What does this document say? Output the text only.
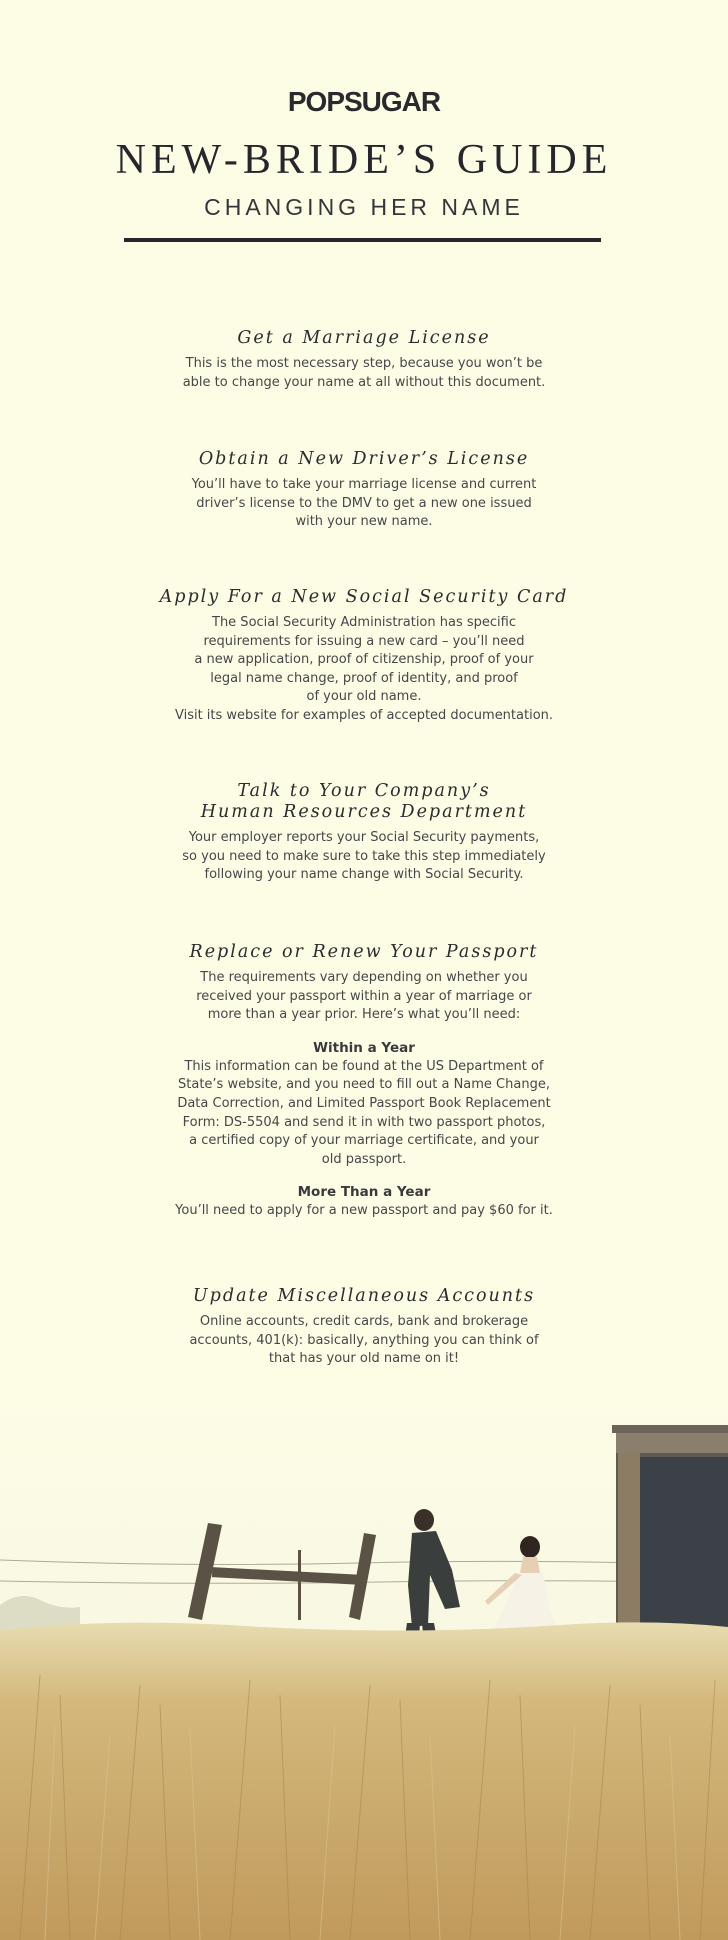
POPSUGAR
NEW-BRIDE’S GUIDE
CHANGING HER NAME
Get a Marriage License

This is the most necessary step, because you won’t be
able to change your name at all without this document.

Obtain a New Driver’s License

You’ll have to take your marriage license and current
driver’s license to the DMV to get a new one issued
with your new name.

Apply For a New Social Security Card

The Social Security Administration has specific
requirements for issuing a new card – you’ll need
a new application, proof of citizenship, proof of your
legal name change, proof of identity, and proof
of your old name.
Visit its website for examples of accepted documentation.

Talk to Your Company’s
Human Resources Department

Your employer reports your Social Security payments,
so you need to make sure to take this step immediately
following your name change with Social Security.

Replace or Renew Your Passport

The requirements vary depending on whether you
received your passport within a year of marriage or
more than a year prior. Here’s what you’ll need:

Within a Year

This information can be found at the US Department of
State’s website, and you need to fill out a Name Change,
Data Correction, and Limited Passport Book Replacement
Form: DS-5504 and send it in with two passport photos,
a certified copy of your marriage certificate, and your
old passport.

More Than a Year

You’ll need to apply for a new passport and pay $60 for it.

Update Miscellaneous Accounts

Online accounts, credit cards, bank and brokerage
accounts, 401(k): basically, anything you can think of
that has your old name on it!
